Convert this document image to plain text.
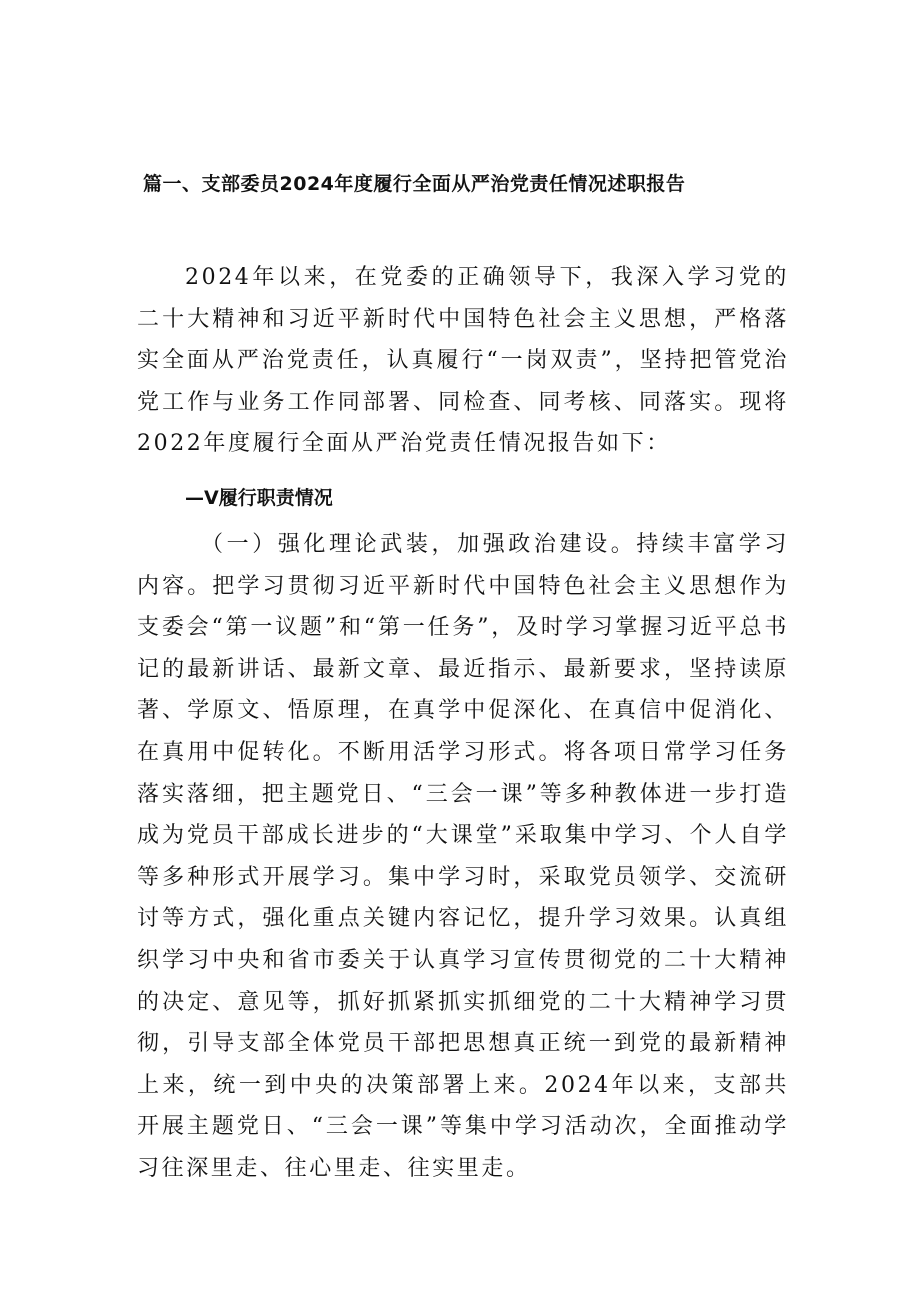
篇一、支部委员2024年度履行全面从严治党责任情况述职报告

2024年以来，在党委的正确领导下，我深入学习党的二十大精神和习近平新时代中国特色社会主义思想，严格落实全面从严治党责任，认真履行“一岗双责”，坚持把管党治党工作与业务工作同部署、同检查、同考核、同落实。现将2022年度履行全面从严治党责任情况报告如下：

—V履行职责情况

（一）强化理论武装，加强政治建设。持续丰富学习内容。把学习贯彻习近平新时代中国特色社会主义思想作为支委会“第一议题”和“第一任务”，及时学习掌握习近平总书记的最新讲话、最新文章、最近指示、最新要求，坚持读原著、学原文、悟原理，在真学中促深化、在真信中促消化、在真用中促转化。不断用活学习形式。将各项日常学习任务落实落细，把主题党日、“三会一课”等多种教体进一步打造成为党员干部成长进步的“大课堂”采取集中学习、个人自学等多种形式开展学习。集中学习时，采取党员领学、交流研讨等方式，强化重点关键内容记忆，提升学习效果。认真组织学习中央和省市委关于认真学习宣传贯彻党的二十大精神的决定、意见等，抓好抓紧抓实抓细党的二十大精神学习贯彻，引导支部全体党员干部把思想真正统一到党的最新精神上来，统一到中央的决策部署上来。2024年以来，支部共开展主题党日、“三会一课”等集中学习活动次，全面推动学习往深里走、往心里走、往实里走。
